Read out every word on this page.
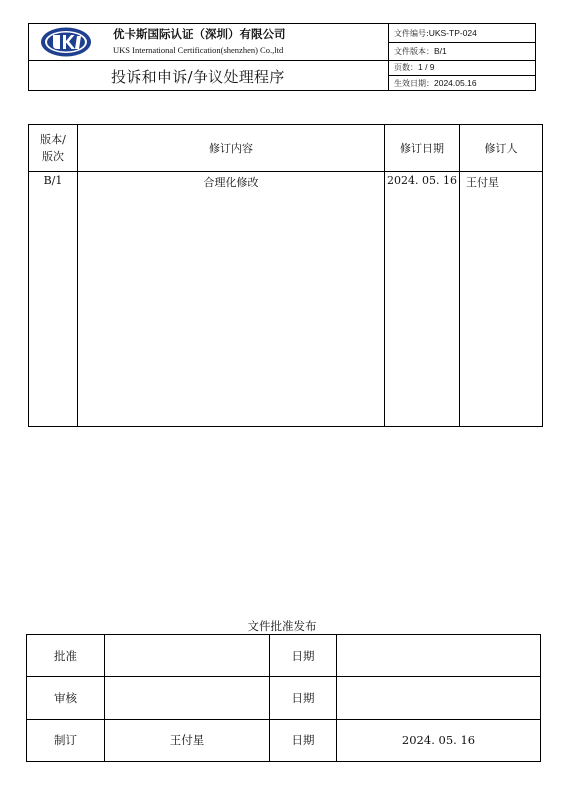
UKS
优卡斯国际认证（深圳）有限公司
UKS International Certification(shenzhen) Co.,ltd
投诉和申诉/争议处理程序
文件编号:UKS-TP-024
文件版本：B/1
页数：1 / 9
生效日期：2024.05.16
版本/
版次	修订内容	修订日期	修订人
B/1	合理化修改	2024. 05. 16	王付星
文件批准发布
批准		日期	
审核		日期	
制订	王付星	日期	2024. 05. 16
